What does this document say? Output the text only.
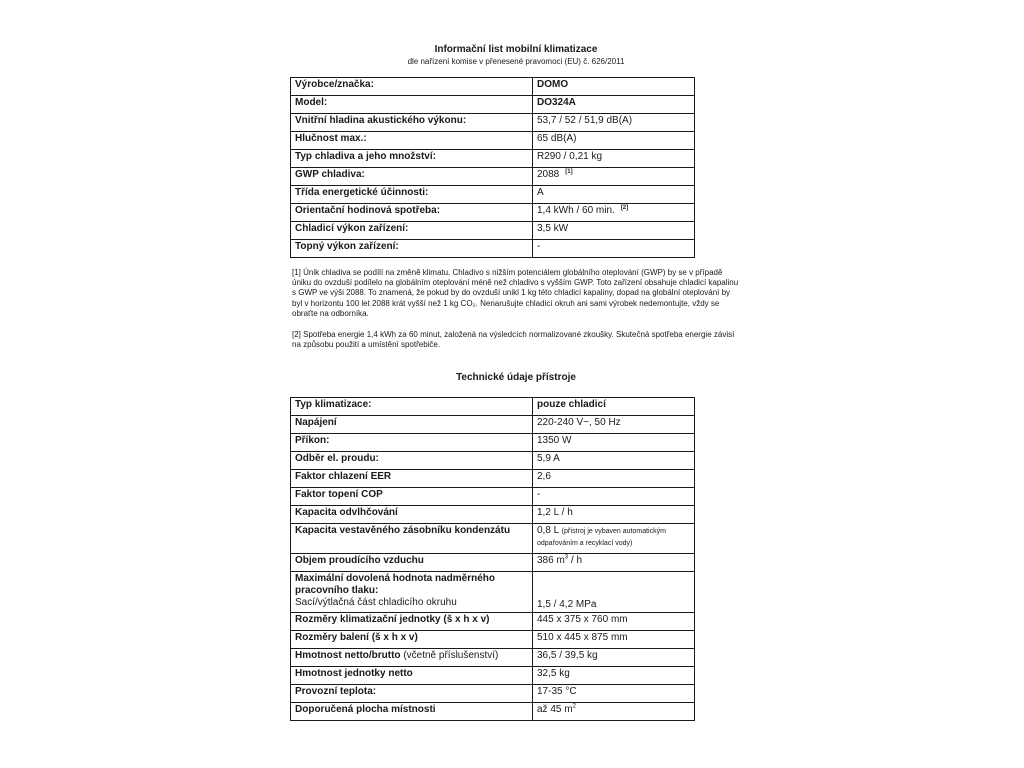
Informační list mobilní klimatizace
dle nařízení komise v přenesené pravomoci (EU) č. 626/2011
Výrobce/značka:	DOMO
Model:	DO324A
Vnitřní hladina akustického výkonu:	53,7 / 52 / 51,9 dB(A)
Hlučnost max.:	65 dB(A)
Typ chladiva a jeho množství:	R290 / 0,21 kg
GWP chladiva:	2088 [1]
Třída energetické účinnosti:	A
Orientační hodinová spotřeba:	1,4 kWh / 60 min. [2]
Chladicí výkon zařízení:	3,5 kW
Topný výkon zařízení:	-
[1] Únik chladiva se podílí na změně klimatu. Chladivo s nižším potenciálem globálního oteplování (GWP) by se v případě úniku do ovzduší podílelo na globálním oteplování méně než chladivo s vyšším GWP. Toto zařízení obsahuje chladicí kapalinu s GWP ve výši 2088. To znamená, že pokud by do ovzduší unikl 1 kg této chladicí kapaliny, dopad na globální oteplování by byl v horizontu 100 let 2088 krát vyšší než 1 kg CO₂. Nenarušujte chladicí okruh ani sami výrobek nedemontujte, vždy se obraťte na odborníka.
[2] Spotřeba energie 1,4 kWh za 60 minut, založená na výsledcích normalizované zkoušky. Skutečná spotřeba energie závisí na způsobu použití a umístění spotřebiče.
Technické údaje přístroje
Typ klimatizace:	pouze chladicí
Napájení	220-240 V~, 50 Hz
Příkon:	1350 W
Odběr el. proudu:	5,9 A
Faktor chlazení EER	2,6
Faktor topení COP	-
Kapacita odvlhčování	1,2 L / h
Kapacita vestavěného zásobníku kondenzátu	0,8 L (přístroj je vybaven automatickým odpařováním a recyklací vody)
Objem proudícího vzduchu	386 $m^3$ / h

Maximální dovolená hodnota nadměrného pracovního tlaku:
Sací/výtlačná část chladicího okruhu	1,5 / 4,2 MPa
Rozměry klimatizační jednotky (š x h x v)	445 x 375 x 760 mm
Rozměry balení (š x h x v)	510 x 445 x 875 mm
Hmotnost netto/brutto (včetně příslušenství)	36,5 / 39,5 kg
Hmotnost jednotky netto	32,5 kg
Provozní teplota:	17-35 °C
Doporučená plocha místnosti	až 45 $m^2$
